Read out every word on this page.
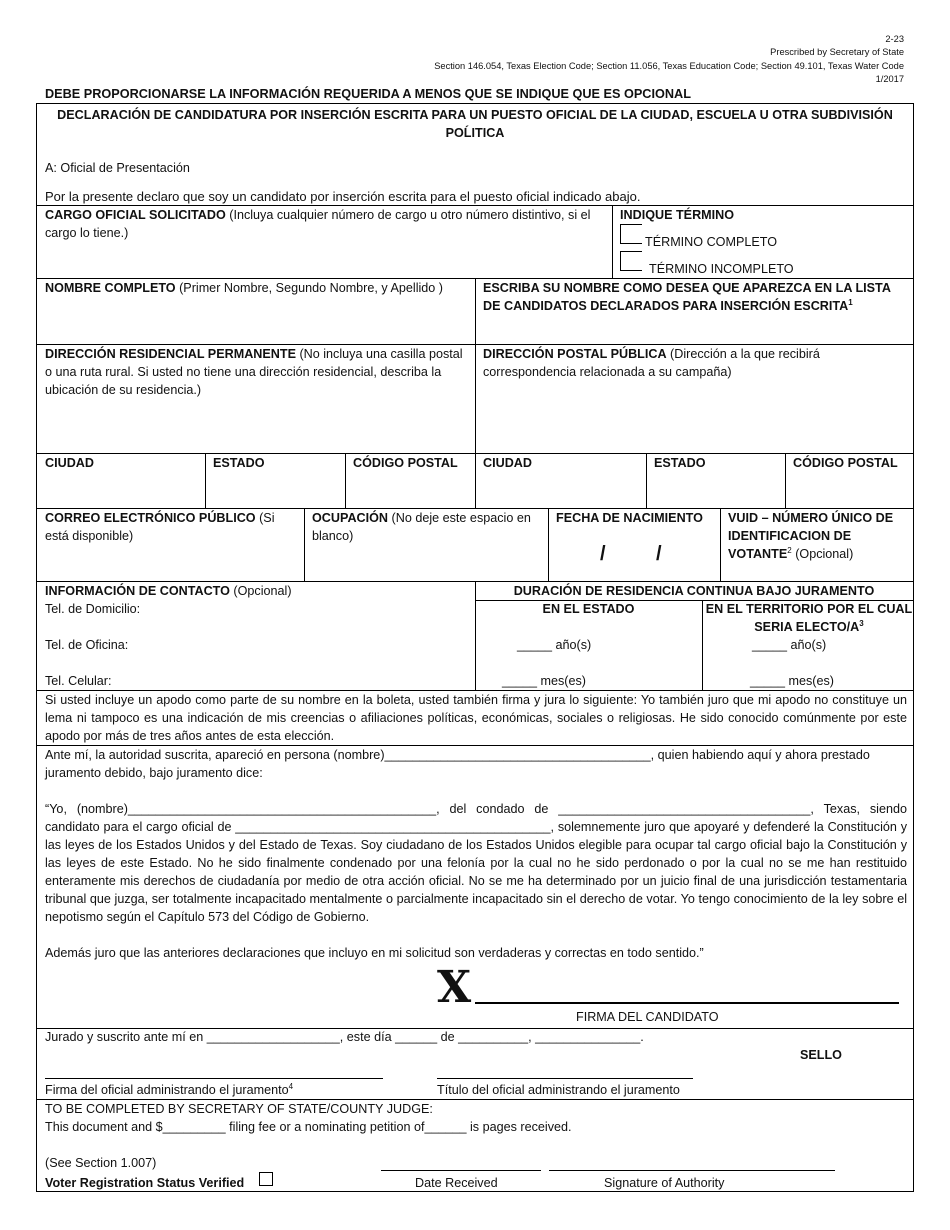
2-23
Prescribed by Secretary of State
Section 146.054, Texas Election Code; Section 11.056, Texas Education Code; Section 49.101, Texas Water Code
1/2017
DEBE PROPORCIONARSE LA INFORMACIÓN REQUERIDA A MENOS QUE SE INDIQUE QUE ES OPCIONAL
DECLARACIÓN DE CANDIDATURA POR INSERCIÓN ESCRITA PARA UN PUESTO OFICIAL DE LA CIUDAD, ESCUELA U OTRA SUBDIVISIÓN
POĹITICA
A: Oficial de Presentación
Por la presente declaro que soy un candidato por inserción escrita para el puesto oficial indicado abajo.
CARGO OFICIAL SOLICITADO (Incluya cualquier número de cargo u otro número distintivo, si el cargo lo tiene.)
INDIQUE TÉRMINO
TÉRMINO COMPLETO
TÉRMINO INCOMPLETO
NOMBRE COMPLETO (Primer Nombre, Segundo Nombre, y Apellido )	ESCRIBA SU NOMBRE COMO DESEA QUE APAREZCA EN LA LISTA DE CANDIDATOS DECLARADOS PARA INSERCIÓN ESCRITA$^1$
DIRECCIÓN RESIDENCIAL PERMANENTE (No incluya una casilla postal o una ruta rural. Si usted no tiene una dirección residencial, describa la ubicación de su residencia.)
DIRECCIÓN POSTAL PÚBLICA (Dirección a la que recibirá correspondencia relacionada a su campaña)
CIUDAD	ESTADO	CÓDIGO POSTAL CIUDAD	ESTADO	CÓDIGO POSTAL
CORREO ELECTRÓNICO PÚBLICO (Si está disponible)
OCUPACIÓN (No deje este espacio en blanco)
FECHA DE NACIMIENTO
/	/
VUID – NÚMERO ÚNICO DE IDENTIFICACION DE VOTANTE$^2$ (Opcional)
INFORMACIÓN DE CONTACTO (Opcional)
Tel. de Domicilio:
Tel. de Oficina:
Tel. Celular:
DURACIÓN DE RESIDENCIA CONTINUA BAJO JURAMENTO
EN EL ESTADO	EN EL TERRITORIO POR EL CUAL SERIA ELECTO/$A^3$
_____ año(s)	_____ año(s)
_____ mes(es)	_____ mes(es)
Si usted incluye un apodo como parte de su nombre en la boleta, usted también firma y jura lo siguiente: Yo también juro que mi apodo no constituye un lema ni tampoco es una indicación de mis creencias o afiliaciones políticas, económicas, sociales o religiosas. He sido conocido comúnmente por este apodo por más de tres años antes de esta elección.
Ante mí, la autoridad suscrita, apareció en persona (nombre)______________________________________, quien habiendo aquí y ahora prestado juramento debido, bajo juramento dice:
“Yo, (nombre)____________________________________________, del condado de ____________________________________, Texas, siendo candidato para el cargo oficial de _____________________________________________, solemnemente juro que apoyaré y defenderé la Constitución y las leyes de los Estados Unidos y del Estado de Texas. Soy ciudadano de los Estados Unidos elegible para ocupar tal cargo oficial bajo la Constitución y las leyes de este Estado. No he sido finalmente condenado por una felonía por la cual no he sido perdonado o por la cual no se me han restituido enteramente mis derechos de ciudadanía por medio de otra acción oficial. No se me ha determinado por un juicio final de una jurisdicción testamentaria tribunal que juzga, ser totalmente incapacitado mentalmente o parcialmente incapacitado sin el derecho de votar. Yo tengo conocimiento de la ley sobre el nepotismo según el Capítulo 573 del Código de Gobierno.
Además juro que las anteriores declaraciones que incluyo en mi solicitud son verdaderas y correctas en todo sentido.”
X
FIRMA DEL CANDIDATO
Jurado y suscrito ante mí en ___________________, este día ______ de __________, _______________.
SELLO
Firma del oficial administrando el juramento$^4$	Título del oficial administrando el juramento
TO BE COMPLETED BY SECRETARY OF STATE/COUNTY JUDGE:
This document and $_________ filing fee or a nominating petition of______ is pages received.
(See Section 1.007)
Voter Registration Status Verified	Date Received	Signature of Authority
